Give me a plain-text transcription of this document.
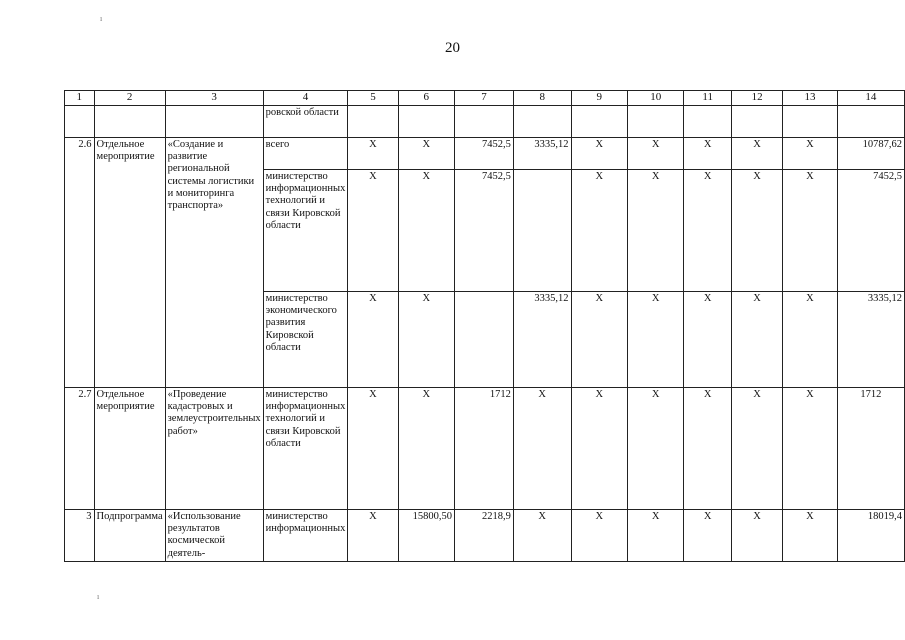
20
1	2	3	4	5	6	7	8	9	10	11	12	13	14
			ровской области										
2.6	Отдельное мероприятие	«Создание и развитие региональной системы логистики и мониторинга транспорта»	всего	X	X	7452,5	3335,12	X	X	X	X	X	10787,62
			министерство информационных технологий и связи Кировской области	X	X	7452,5		X	X	X	X	X	7452,5
			министерство экономического развития Кировской области	X	X		3335,12	X	X	X	X	X	3335,12
2.7	Отдельное мероприятие	«Проведение кадастровых и землеустроительных работ»	министерство информационных технологий и связи Кировской области	X	X	1712	X	X	X	X	X	X	1712
3	Подпрограмма	«Использование результатов космической деятель-	министерство информационных	X	15800,50	2218,9	X	X	X	X	X	X	18019,4
ı
ı
